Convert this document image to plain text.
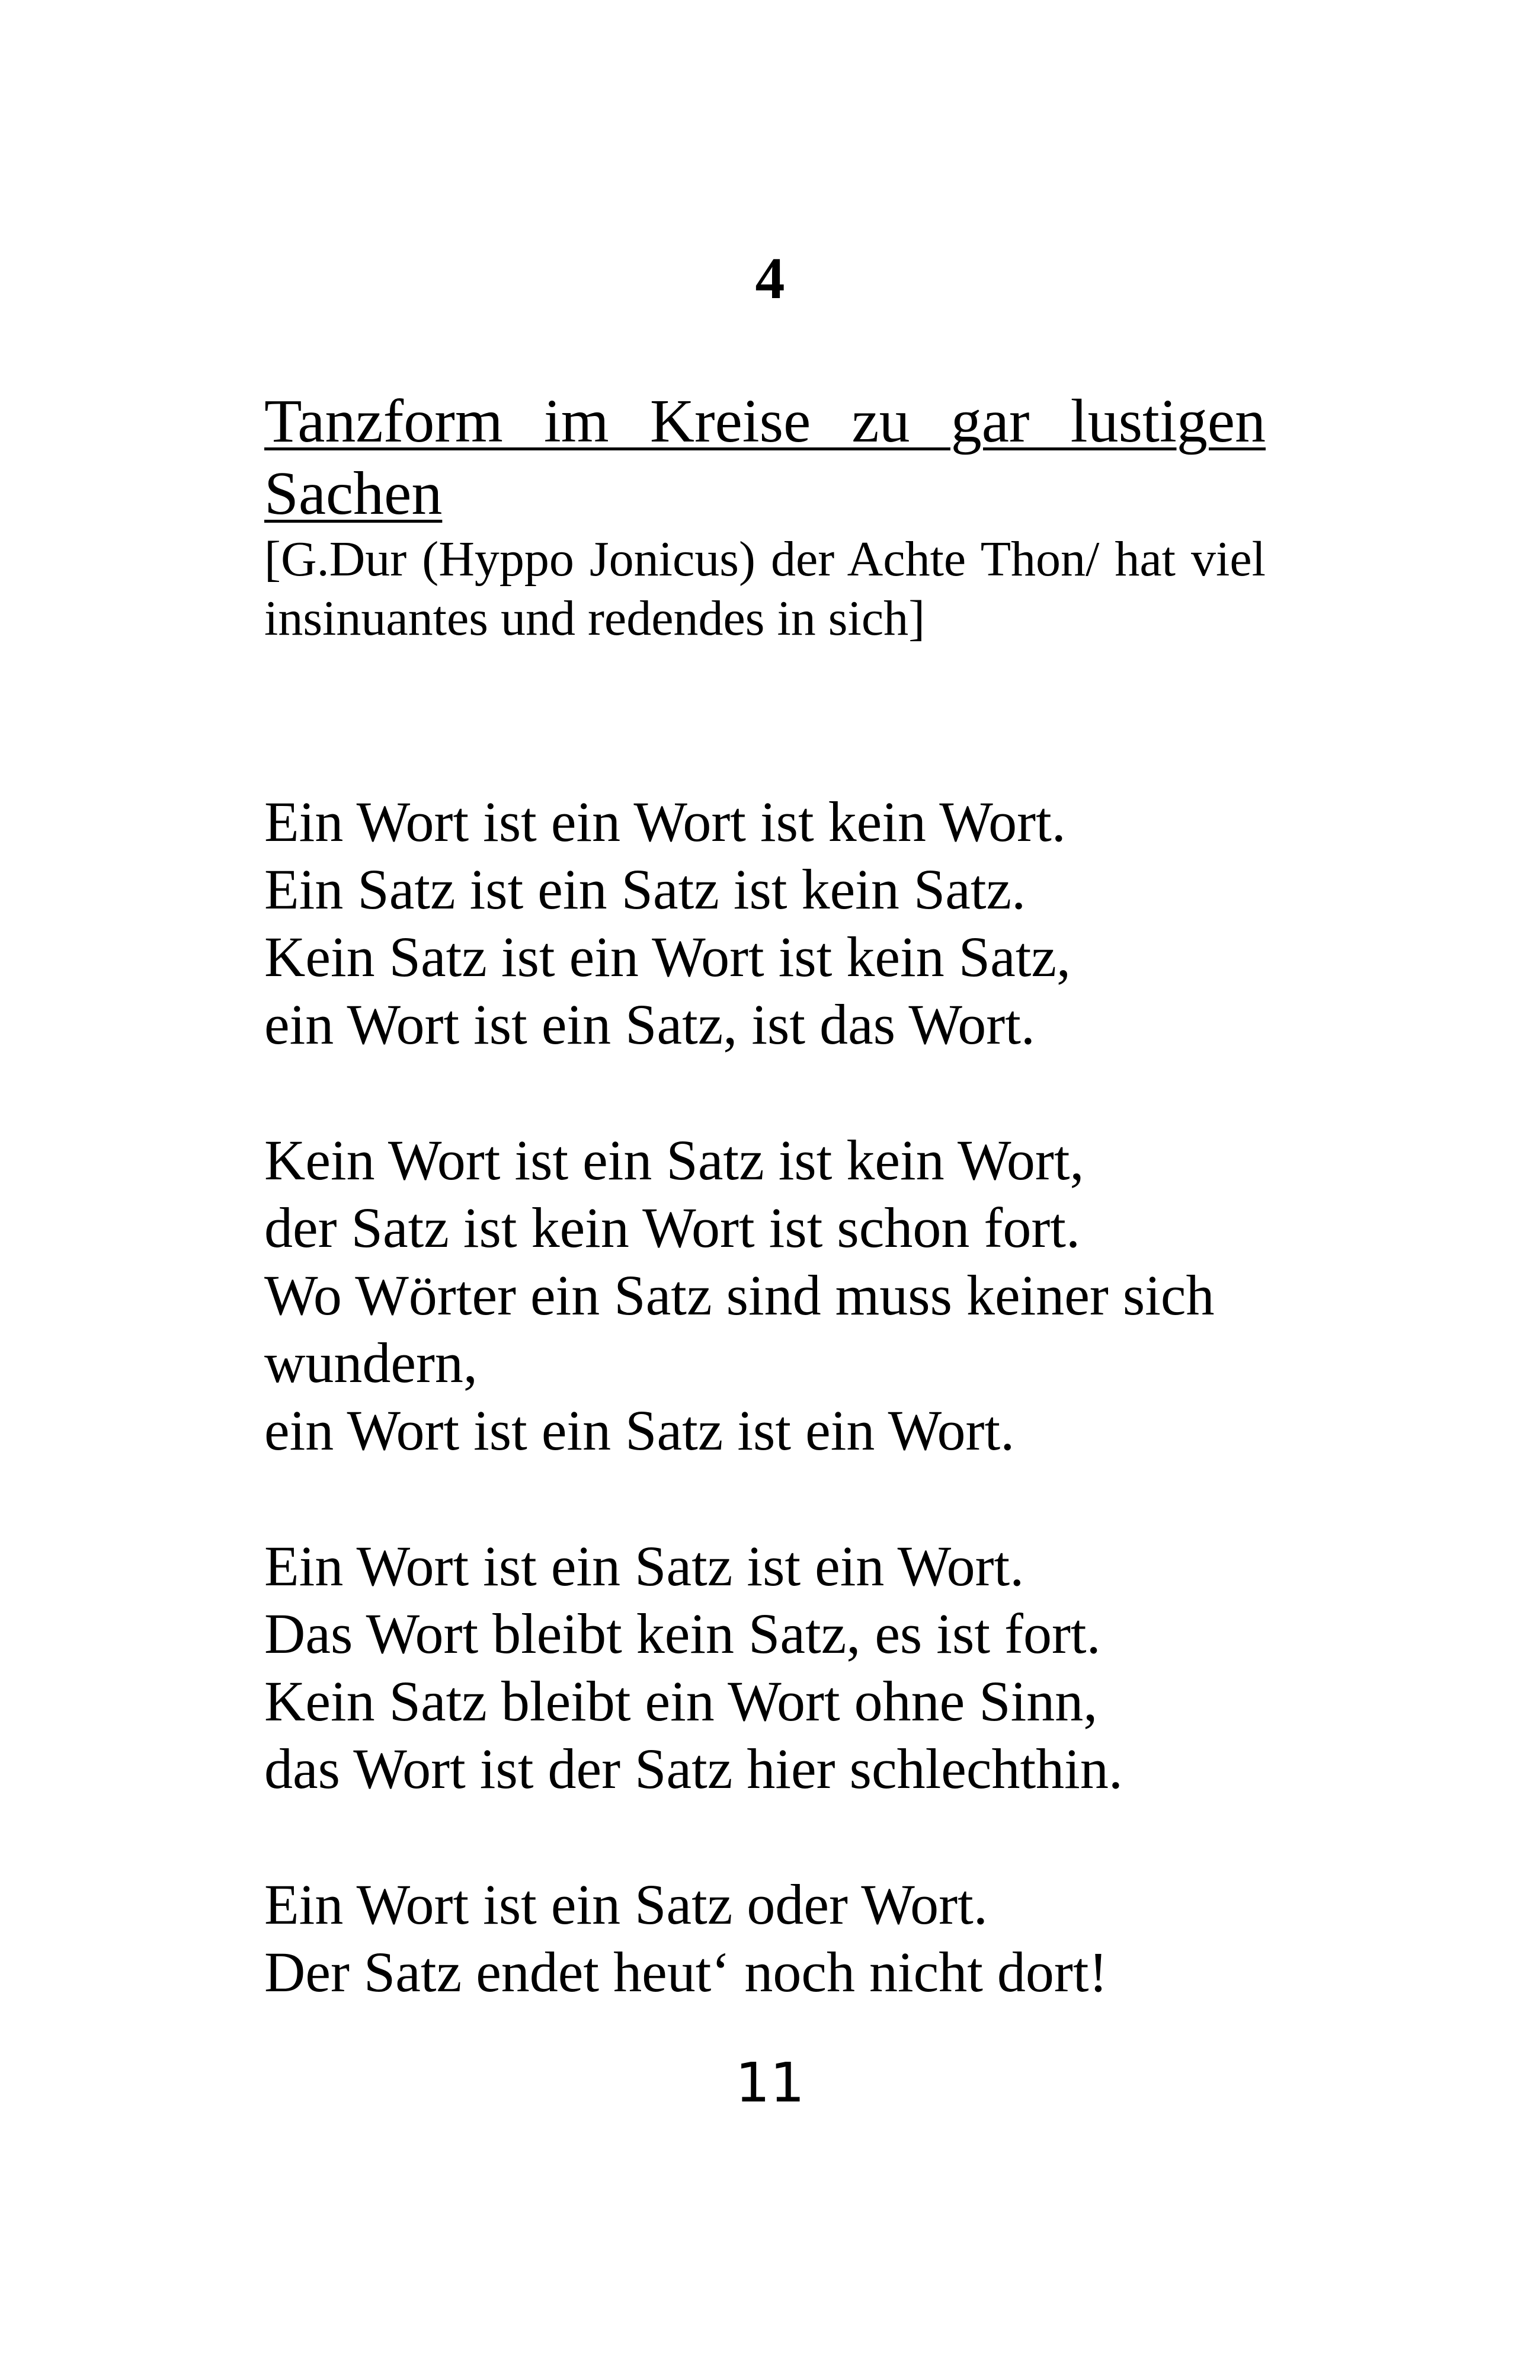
4
Tanzform im Kreise zu gar lustigen Sachen

[G.Dur (Hyppo Jonicus) der Achte Thon/ hat viel insinuantes und redendes in sich]

Ein Wort ist ein Wort ist kein Wort.
Ein Satz ist ein Satz ist kein Satz.
Kein Satz ist ein Wort ist kein Satz,
ein Wort ist ein Satz, ist das Wort.
Kein Wort ist ein Satz ist kein Wort,
der Satz ist kein Wort ist schon fort.
Wo Wörter ein Satz sind muss keiner sich
wundern,
ein Wort ist ein Satz ist ein Wort.
Ein Wort ist ein Satz ist ein Wort.
Das Wort bleibt kein Satz, es ist fort.
Kein Satz bleibt ein Wort ohne Sinn,
das Wort ist der Satz hier schlechthin.
Ein Wort ist ein Satz oder Wort.
Der Satz endet heut‘ noch nicht dort!
11
